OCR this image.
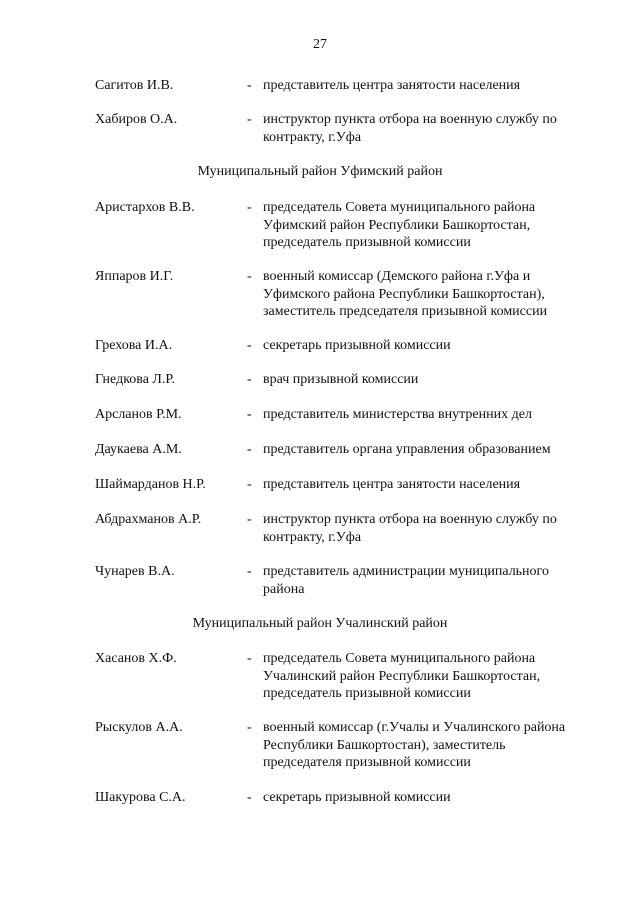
27
Сагитов И.В.	- представитель центра занятости населения
Хабиров О.А.	- инструктор пункта отбора на военную службу по
контракту, г.Уфа
Муниципальный район Уфимский район
Аристархов В.В.	- председатель Совета муниципального района
Уфимский район Республики Башкортостан,
председатель призывной комиссии
Яппаров И.Г.	- военный комиссар (Демского района г.Уфа и
Уфимского района Республики Башкортостан),
заместитель председателя призывной комиссии
Грехова И.А.	- секретарь призывной комиссии
Гнедкова Л.Р.	- врач призывной комиссии
Арсланов Р.М.	- представитель министерства внутренних дел
Даукаева А.М.	- представитель органа управления образованием
Шаймарданов Н.Р.	- представитель центра занятости населения
Абдрахманов А.Р.	- инструктор пункта отбора на военную службу по
контракту, г.Уфа
Чунарев В.А.	- представитель администрации муниципального
района
Муниципальный район Учалинский район
Хасанов Х.Ф.	- председатель Совета муниципального района
Учалинский район Республики Башкортостан,
председатель призывной комиссии
Рыскулов А.А.	- военный комиссар (г.Учалы и Учалинского района
Республики Башкортостан), заместитель
председателя призывной комиссии
Шакурова С.А.	- секретарь призывной комиссии
